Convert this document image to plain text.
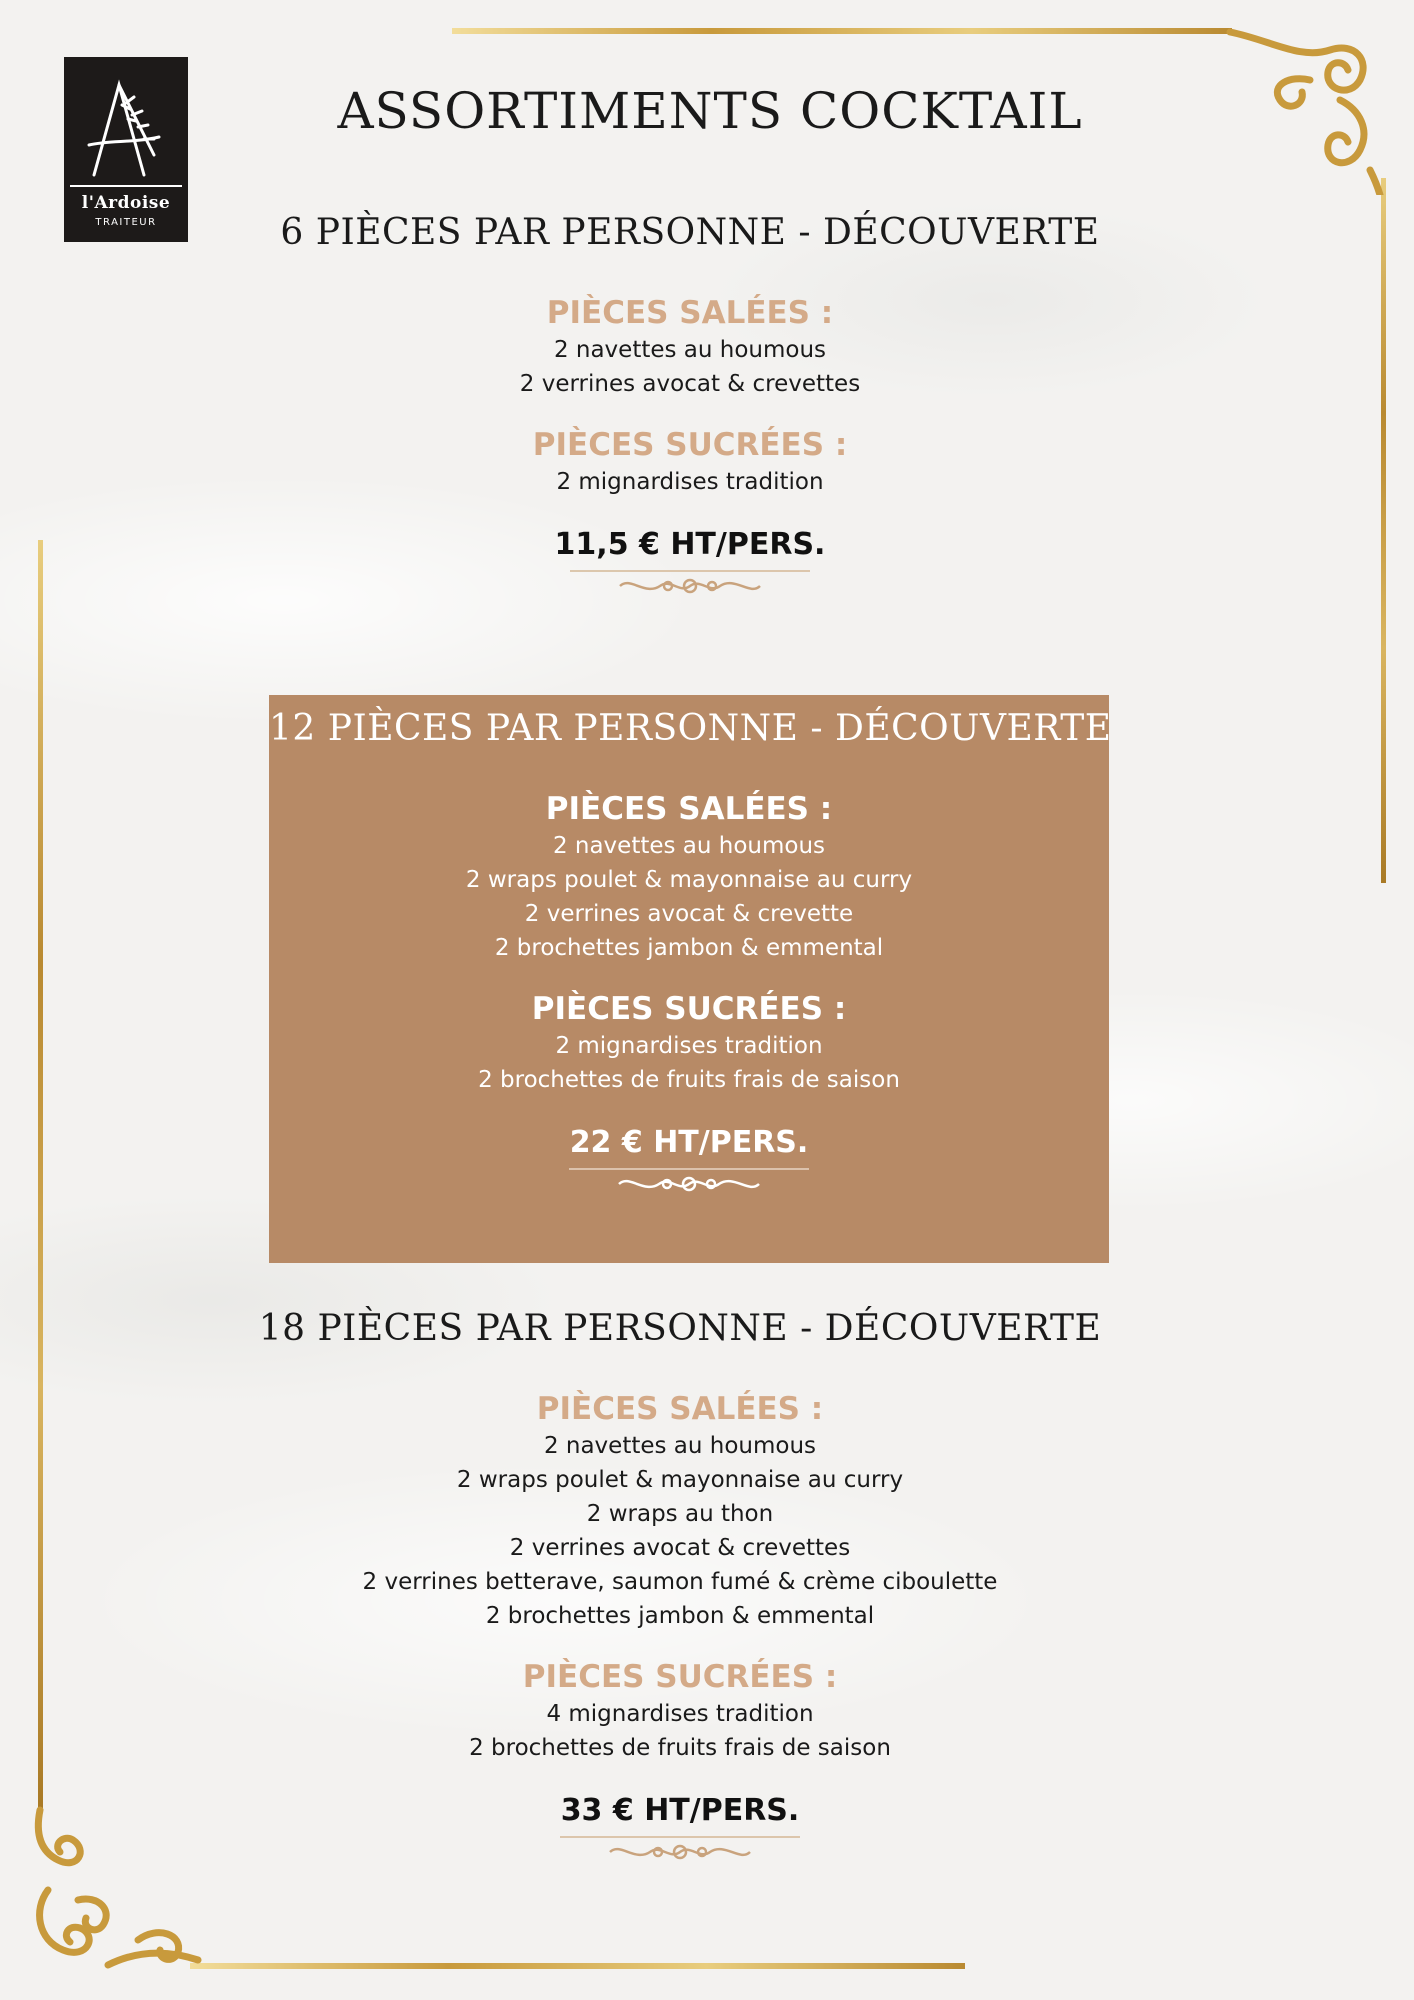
l'Ardoise
TRAITEUR
ASSORTIMENTS COCKTAIL
6 PIÈCES PAR PERSONNE - DÉCOUVERTE
PIÈCES SALÉES :
2 navettes au houmous
2 verrines avocat & crevettes
PIÈCES SUCRÉES :
2 mignardises tradition
11,5 € HT/PERS.
12 PIÈCES PAR PERSONNE - DÉCOUVERTE
PIÈCES SALÉES :
2 navettes au houmous
2 wraps poulet & mayonnaise au curry
2 verrines avocat & crevette
2 brochettes jambon & emmental
PIÈCES SUCRÉES :
2 mignardises tradition
2 brochettes de fruits frais de saison
22 € HT/PERS.
18 PIÈCES PAR PERSONNE - DÉCOUVERTE
PIÈCES SALÉES :
2 navettes au houmous
2 wraps poulet & mayonnaise au curry
2 wraps au thon
2 verrines avocat & crevettes
2 verrines betterave, saumon fumé & crème ciboulette
2 brochettes jambon & emmental
PIÈCES SUCRÉES :
4 mignardises tradition
2 brochettes de fruits frais de saison
33 € HT/PERS.
